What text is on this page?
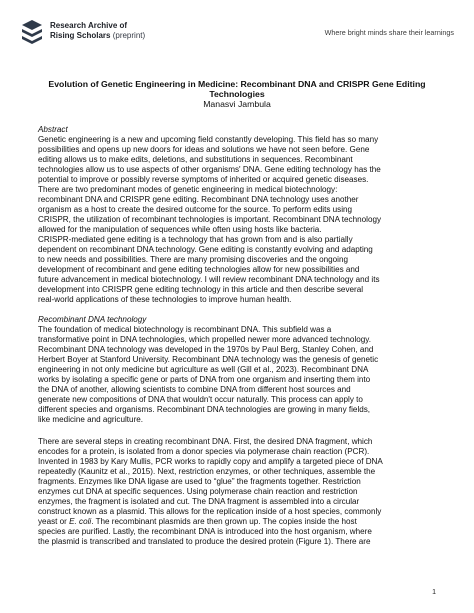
Research Archive of
Rising Scholars (preprint)	Where bright minds share their learnings
Evolution of Genetic Engineering in Medicine: Recombinant DNA and CRISPR Gene Editing Technologies
Manasvi Jambula
Abstract
Genetic engineering is a new and upcoming field constantly developing. This field has so many
possibilities and opens up new doors for ideas and solutions we have not seen before. Gene
editing allows us to make edits, deletions, and substitutions in sequences. Recombinant
technologies allow us to use aspects of other organisms' DNA. Gene editing technology has the
potential to improve or possibly reverse symptoms of inherited or acquired genetic diseases.
There are two predominant modes of genetic engineering in medical biotechnology:
recombinant DNA and CRISPR gene editing. Recombinant DNA technology uses another
organism as a host to create the desired outcome for the source. To perform edits using
CRISPR, the utilization of recombinant technologies is important. Recombinant DNA technology
allowed for the manipulation of sequences while often using hosts like bacteria.
CRISPR-mediated gene editing is a technology that has grown from and is also partially
dependent on recombinant DNA technology. Gene editing is constantly evolving and adapting
to new needs and possibilities. There are many promising discoveries and the ongoing
development of recombinant and gene editing technologies allow for new possibilities and
future advancement in medical biotechnology. I will review recombinant DNA technology and its
development into CRISPR gene editing technology in this article and then describe several
real-world applications of these technologies to improve human health.
Recombinant DNA technology
The foundation of medical biotechnology is recombinant DNA. This subfield was a
transformative point in DNA technologies, which propelled newer more advanced technology.
Recombinant DNA technology was developed in the 1970s by Paul Berg, Stanley Cohen, and
Herbert Boyer at Stanford University. Recombinant DNA technology was the genesis of genetic
engineering in not only medicine but agriculture as well (Gill et al., 2023). Recombinant DNA
works by isolating a specific gene or parts of DNA from one organism and inserting them into
the DNA of another, allowing scientists to combine DNA from different host sources and
generate new compositions of DNA that wouldn't occur naturally. This process can apply to
different species and organisms. Recombinant DNA technologies are growing in many fields,
like medicine and agriculture.
There are several steps in creating recombinant DNA. First, the desired DNA fragment, which
encodes for a protein, is isolated from a donor species via polymerase chain reaction (PCR).
Invented in 1983 by Kary Mullis, PCR works to rapidly copy and amplify a targeted piece of DNA
repeatedly (Kaunitz et al., 2015). Next, restriction enzymes, or other techniques, assemble the
fragments. Enzymes like DNA ligase are used to “glue” the fragments together. Restriction
enzymes cut DNA at specific sequences. Using polymerase chain reaction and restriction
enzymes, the fragment is isolated and cut. The DNA fragment is assembled into a circular
construct known as a plasmid. This allows for the replication inside of a host species, commonly
yeast or E. coli. The recombinant plasmids are then grown up. The copies inside the host
species are purified. Lastly, the recombinant DNA is introduced into the host organism, where
the plasmid is transcribed and translated to produce the desired protein (Figure 1). There are
1
